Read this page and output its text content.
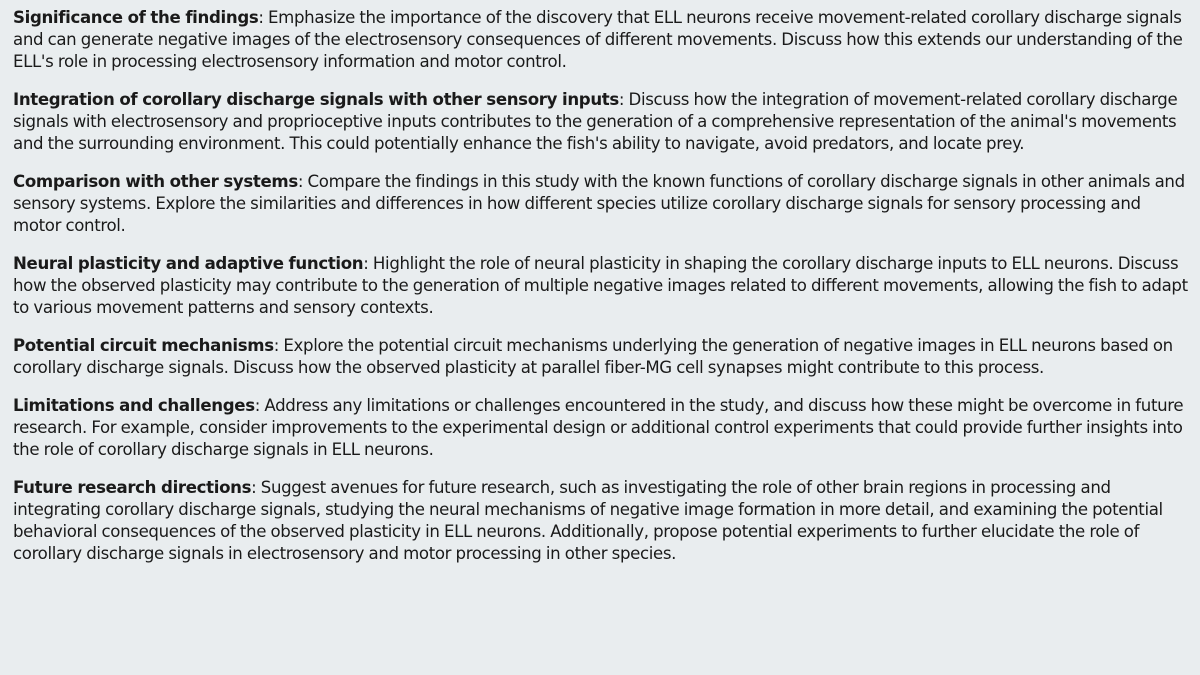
Significance of the findings: Emphasize the importance of the discovery that ELL neurons receive movement-related corollary discharge signals and can generate negative images of the electrosensory consequences of different movements. Discuss how this extends our understanding of the ELL's role in processing electrosensory information and motor control.

Integration of corollary discharge signals with other sensory inputs: Discuss how the integration of movement-related corollary discharge signals with electrosensory and proprioceptive inputs contributes to the generation of a comprehensive representation of the animal's movements and the surrounding environment. This could potentially enhance the fish's ability to navigate, avoid predators, and locate prey.

Comparison with other systems: Compare the findings in this study with the known functions of corollary discharge signals in other animals and sensory systems. Explore the similarities and differences in how different species utilize corollary discharge signals for sensory processing and motor control.

Neural plasticity and adaptive function: Highlight the role of neural plasticity in shaping the corollary discharge inputs to ELL neurons. Discuss how the observed plasticity may contribute to the generation of multiple negative images related to different movements, allowing the fish to adapt to various movement patterns and sensory contexts.

Potential circuit mechanisms: Explore the potential circuit mechanisms underlying the generation of negative images in ELL neurons based on corollary discharge signals. Discuss how the observed plasticity at parallel fiber-MG cell synapses might contribute to this process.

Limitations and challenges: Address any limitations or challenges encountered in the study, and discuss how these might be overcome in future research. For example, consider improvements to the experimental design or additional control experiments that could provide further insights into the role of corollary discharge signals in ELL neurons.

Future research directions: Suggest avenues for future research, such as investigating the role of other brain regions in processing and integrating corollary discharge signals, studying the neural mechanisms of negative image formation in more detail, and examining the potential behavioral consequences of the observed plasticity in ELL neurons. Additionally, propose potential experiments to further elucidate the role of corollary discharge signals in electrosensory and motor processing in other species.
